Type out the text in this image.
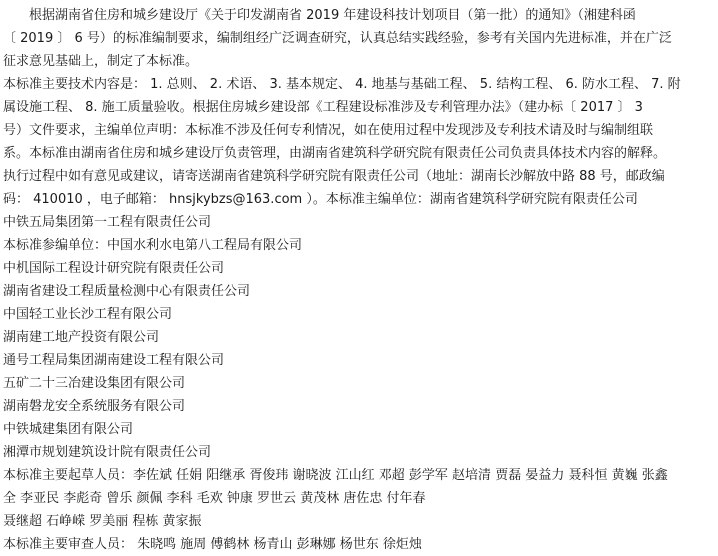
根据湖南省住房和城乡建设厅《关于印发湖南省 2019 年建设科技计划项目（第一批）的通知》（湘建科函
〔 2019 〕 6 号）的标准编制要求，编制组经广泛调查研究，认真总结实践经验，参考有关国内先进标准，并在广泛
征求意见基础上，制定了本标准。
本标准主要技术内容是： 1. 总则、 2. 术语、 3. 基本规定、 4. 地基与基础工程、 5. 结构工程、 6. 防水工程、 7. 附
属设施工程、 8. 施工质量验收。根据住房城乡建设部《工程建设标准涉及专利管理办法》（建办标〔 2017 〕 3
号）文件要求，主编单位声明：本标准不涉及任何专利情况，如在使用过程中发现涉及专利技术请及时与编制组联
系。本标准由湖南省住房和城乡建设厅负责管理，由湖南省建筑科学研究院有限责任公司负责具体技术内容的解释。
执行过程中如有意见或建议，请寄送湖南省建筑科学研究院有限责任公司（地址：湖南长沙解放中路 88 号，邮政编
码： 410010 ，电子邮箱： hnsjkybzs@163.com ）。本标准主编单位：湖南省建筑科学研究院有限责任公司
中铁五局集团第一工程有限责任公司
本标准参编单位：中国水利水电第八工程局有限公司
中机国际工程设计研究院有限责任公司
湖南省建设工程质量检测中心有限责任公司
中国轻工业长沙工程有限公司
湖南建工地产投资有限公司
通号工程局集团湖南建设工程有限公司
五矿二十三冶建设集团有限公司
湖南磐龙安全系统服务有限公司
中铁城建集团有限公司
湘潭市规划建筑设计院有限责任公司
本标准主要起草人员：李佐斌 任娟 阳继承 胥俊玮 谢晓波 江山红 邓超 彭学军 赵培清 贾磊 晏益力 聂科恒 黄巍 张鑫
全 李亚民 李彪奇 曾乐 颜佩 李科 毛欢 钟康 罗世云 黄茂林 唐佐忠 付年春
聂继超 石峥嵘 罗美丽 程栋 黄家振
本标准主要审查人员： 朱晓鸣 施周 傅鹤林 杨青山 彭琳娜 杨世东 徐炬烛
